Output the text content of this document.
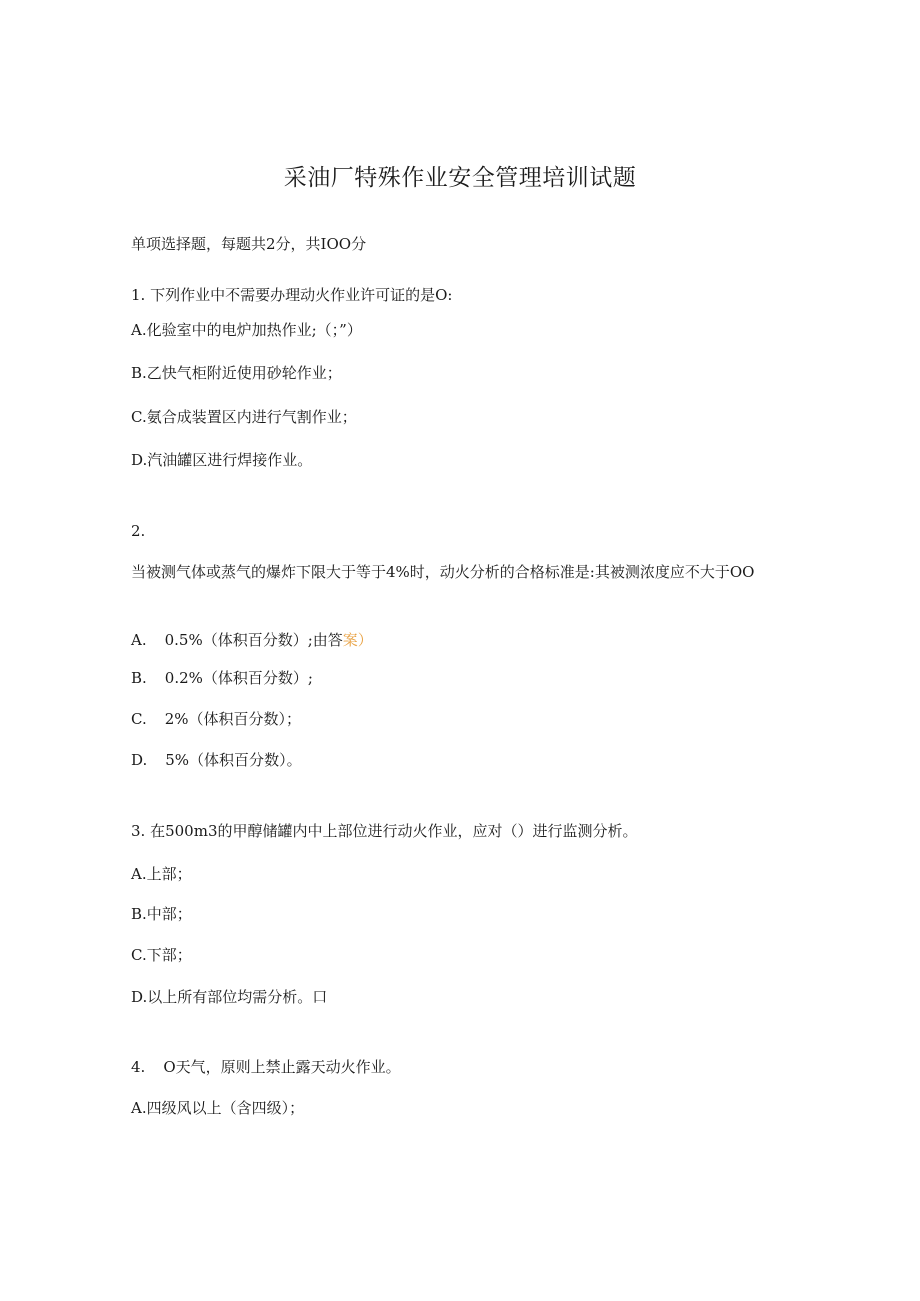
采油厂特殊作业安全管理培训试题
单项选择题，每题共2分，共IOO分
1. 下列作业中不需要办理动火作业许可证的是O:
A.化验室中的电炉加热作业;（；”）
B.乙快气柜附近使用砂轮作业；
C.氨合成装置区内进行气割作业；
D.汽油罐区进行焊接作业。
2.
当被测气体或蒸气的爆炸下限大于等于4%时，动火分析的合格标准是:其被测浓度应不大于OO
A. 0.5%（体积百分数）;由答案）
B. 0.2%（体积百分数）;
C. 2%（体积百分数）；
D. 5%（体积百分数）。
3. 在500m3的甲醇储罐内中上部位进行动火作业，应对（）进行监测分析。
A.上部；
B.中部；
C.下部；
D.以上所有部位均需分析。口
4. O天气，原则上禁止露天动火作业。
A.四级风以上（含四级）；
